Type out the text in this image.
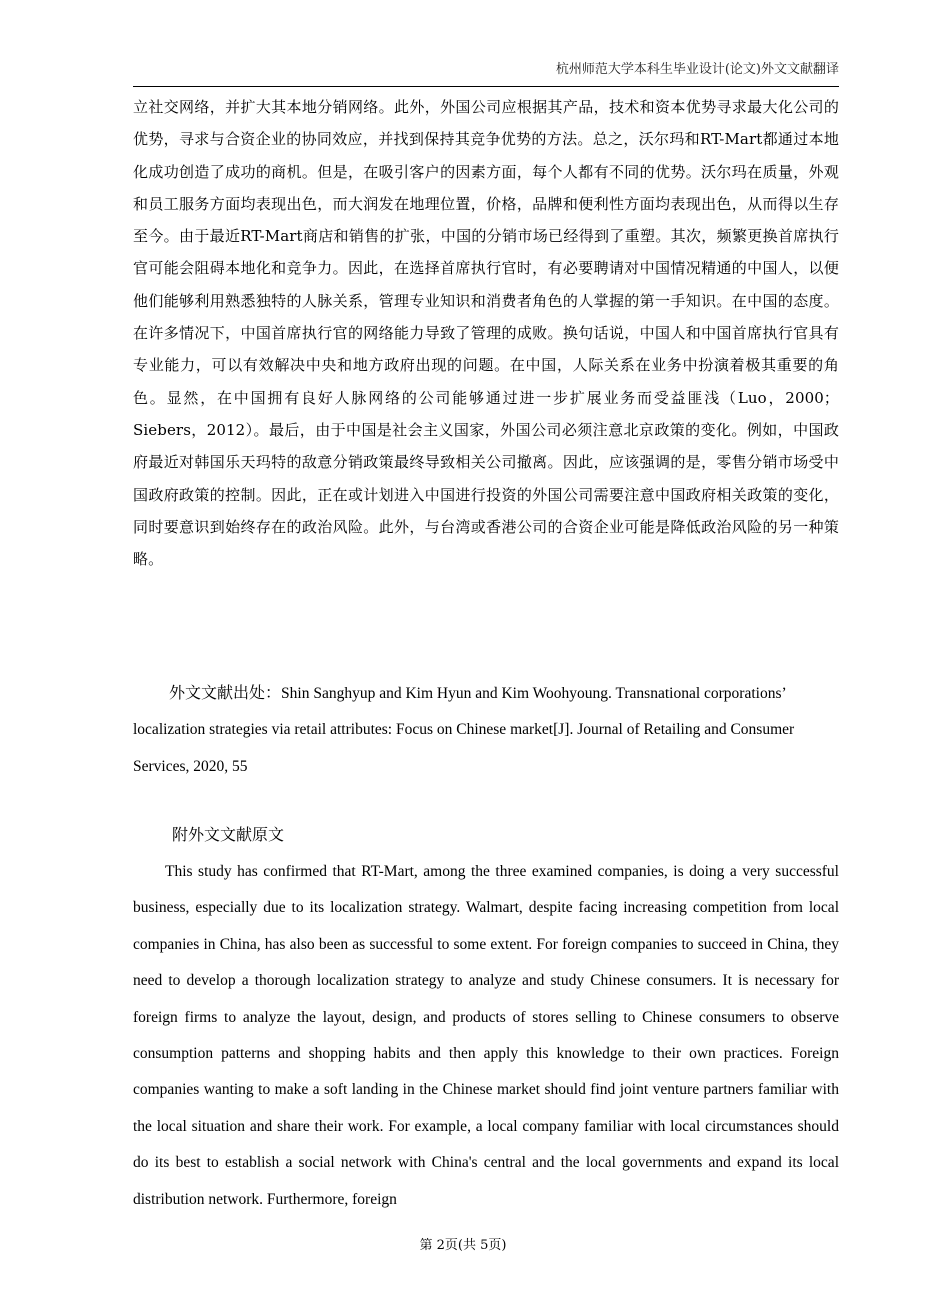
杭州师范大学本科生毕业设计(论文)外文文献翻译

立社交网络，并扩大其本地分销网络。此外，外国公司应根据其产品，技术和资本优势寻求最大化公司的优势，寻求与合资企业的协同效应，并找到保持其竞争优势的方法。总之，沃尔玛和RT-Mart都通过本地化成功创造了成功的商机。但是，在吸引客户的因素方面，每个人都有不同的优势。沃尔玛在质量，外观和员工服务方面均表现出色，而大润发在地理位置，价格，品牌和便利性方面均表现出色，从而得以生存至今。由于最近RT-Mart商店和销售的扩张，中国的分销市场已经得到了重塑。其次，频繁更换首席执行官可能会阻碍本地化和竞争力。因此，在选择首席执行官时，有必要聘请对中国情况精通的中国人，以便他们能够利用熟悉独特的人脉关系，管理专业知识和消费者角色的人掌握的第一手知识。在中国的态度。在许多情况下，中国首席执行官的网络能力导致了管理的成败。换句话说，中国人和中国首席执行官具有专业能力，可以有效解决中央和地方政府出现的问题。在中国，人际关系在业务中扮演着极其重要的角色。显然，在中国拥有良好人脉网络的公司能够通过进一步扩展业务而受益匪浅（Luo，2000； Siebers，2012）。最后，由于中国是社会主义国家，外国公司必须注意北京政策的变化。例如，中国政府最近对韩国乐天玛特的敌意分销政策最终导致相关公司撤离。因此，应该强调的是，零售分销市场受中国政府政策的控制。因此，正在或计划进入中国进行投资的外国公司需要注意中国政府相关政策的变化，同时要意识到始终存在的政治风险。此外，与台湾或香港公司的合资企业可能是降低政治风险的另一种策略。

外文文献出处：Shin Sanghyup and Kim Hyun and Kim Woohyoung. Transnational corporations’ localization strategies via retail attributes: Focus on Chinese market[J]. Journal of Retailing and Consumer Services, 2020, 55

附外文文献原文

This study has confirmed that RT-Mart, among the three examined companies, is doing a very successful business, especially due to its localization strategy. Walmart, despite facing increasing competition from local companies in China, has also been as successful to some extent. For foreign companies to succeed in China, they need to develop a thorough localization strategy to analyze and study Chinese consumers. It is necessary for foreign firms to analyze the layout, design, and products of stores selling to Chinese consumers to observe consumption patterns and shopping habits and then apply this knowledge to their own practices. Foreign companies wanting to make a soft landing in the Chinese market should find joint venture partners familiar with the local situation and share their work. For example, a local company familiar with local circumstances should do its best to establish a social network with China's central and the local governments and expand its local distribution network. Furthermore, foreign

第 2页(共 5页)
